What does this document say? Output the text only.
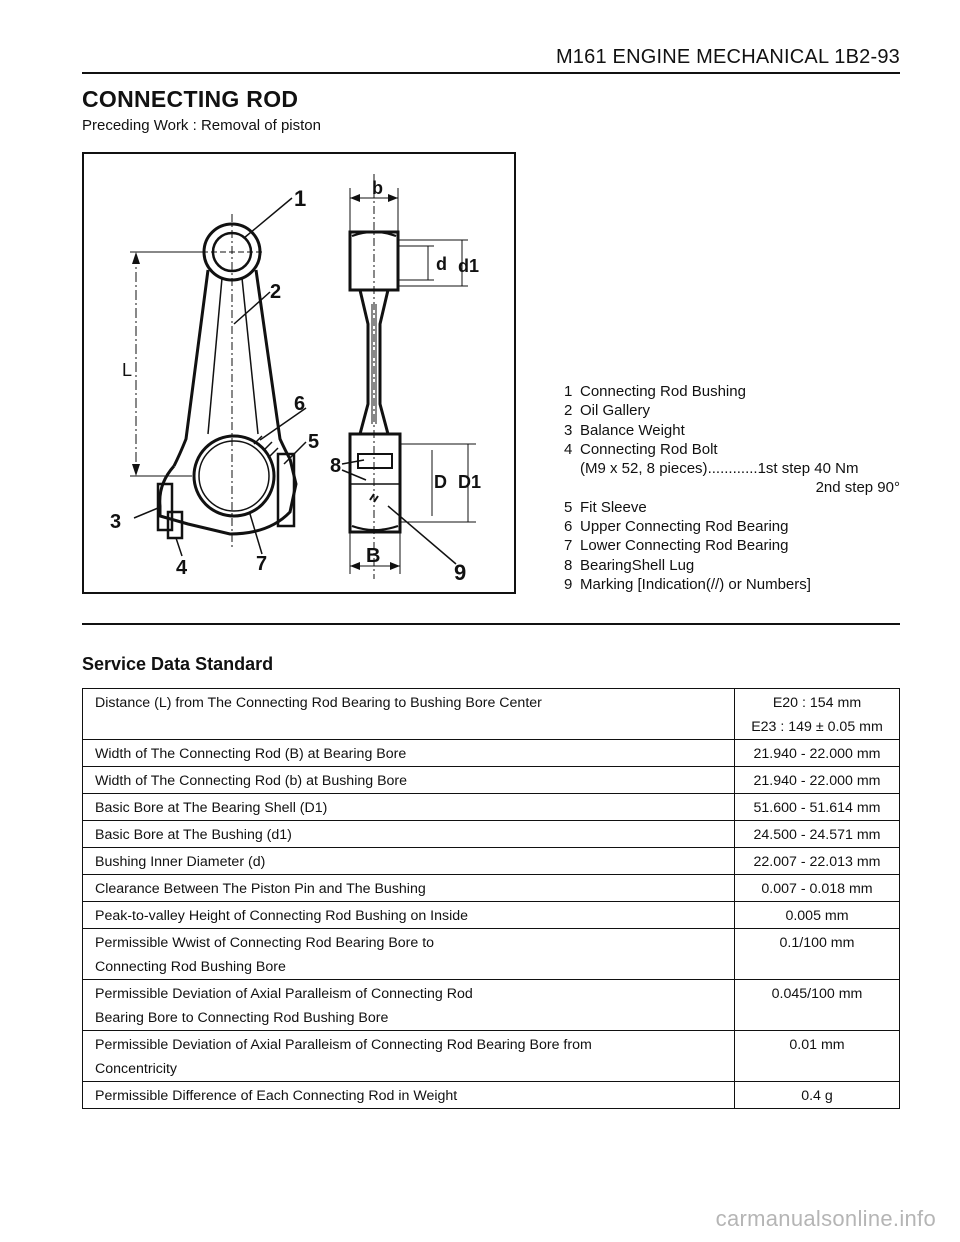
M161 ENGINE MECHANICAL 1B2-93
CONNECTING ROD
Preceding Work : Removal of piston
1
2
3
4
5
6
7
8
9
b
d d1
D D1
B
L
1 Connecting Rod Bushing
2 Oil Gallery
3 Balance Weight
4 Connecting Rod Bolt
(M9 x 52, 8 pieces) ............ 1st step 40 Nm
2nd step 90°
5 Fit Sleeve
6 Upper Connecting Rod Bearing
7 Lower Connecting Rod Bearing
8 BearingShell Lug
9 Marking [Indication(//) or Numbers]
Service Data Standard
Distance (L) from The Connecting Rod Bearing to Bushing Bore Center	E20 : 154 mm
E23 : 149 ± 0.05 mm

Width of The Connecting Rod (B) at Bearing Bore	21.940 - 22.000 mm

Width of The Connecting Rod (b) at Bushing Bore	21.940 - 22.000 mm

Basic Bore at The Bearing Shell (D1)	51.600 - 51.614 mm

Basic Bore at The Bushing (d1)	24.500 - 24.571 mm

Bushing Inner Diameter (d)	22.007 - 22.013 mm

Clearance Between The Piston Pin and The Bushing	0.007 - 0.018 mm

Peak-to-valley Height of Connecting Rod Bushing on Inside	0.005 mm

Permissible Wwist of Connecting Rod Bearing Bore to
Connecting Rod Bushing Bore	0.1/100 mm

Permissible Deviation of Axial Paralleism of Connecting Rod
Bearing Bore to Connecting Rod Bushing Bore	0.045/100 mm

Permissible Deviation of Axial Paralleism of Connecting Rod Bearing Bore from
Concentricity	0.01 mm

Permissible Difference of Each Connecting Rod in Weight	0.4 g
carmanualsonline.info
